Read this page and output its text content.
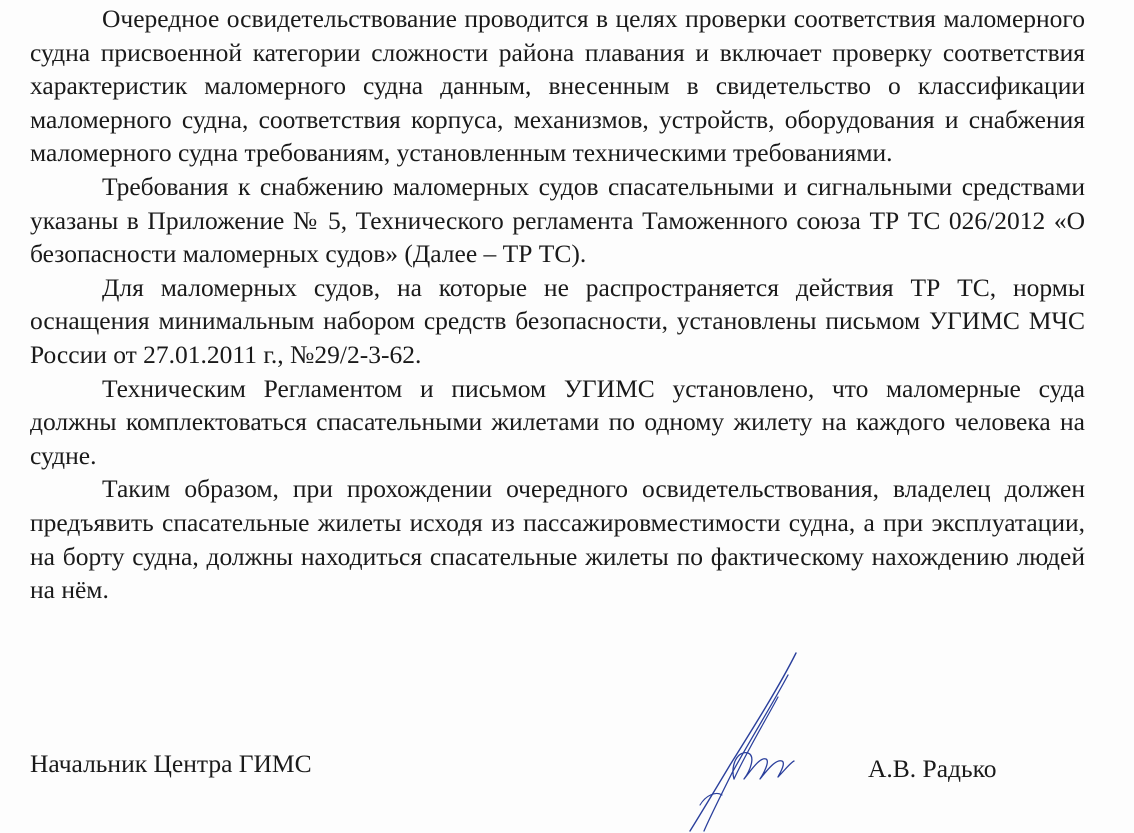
Очередное освидетельствование проводится в целях проверки соответствия маломерного судна присвоенной категории сложности района плавания и включает проверку соответствия характеристик маломерного судна данным, внесенным в свидетельство о классификации маломерного судна, соответствия корпуса, механизмов, устройств, оборудования и снабжения маломерного судна требованиям, установленным техническими требованиями.

Требования к снабжению маломерных судов спасательными и сигнальными средствами указаны в Приложение № 5, Технического регламента Таможенного союза ТР ТС 026/2012 «О безопасности маломерных судов» (Далее – ТР ТС).

Для маломерных судов, на которые не распространяется действия ТР ТС, нормы оснащения минимальным набором средств безопасности, установлены письмом УГИМС МЧС России от 27.01.2011 г., №29/2-3-62.

Техническим Регламентом и письмом УГИМС установлено, что маломерные суда должны комплектоваться спасательными жилетами по одному жилету на каждого человека на судне.

Таким образом, при прохождении очередного освидетельствования, владелец должен предъявить спасательные жилеты исходя из пассажировместимости судна, а при эксплуатации, на борту судна, должны находиться спасательные жилеты по фактическому нахождению людей на нём.

Начальник Центра ГИМС	А.В. Радько
